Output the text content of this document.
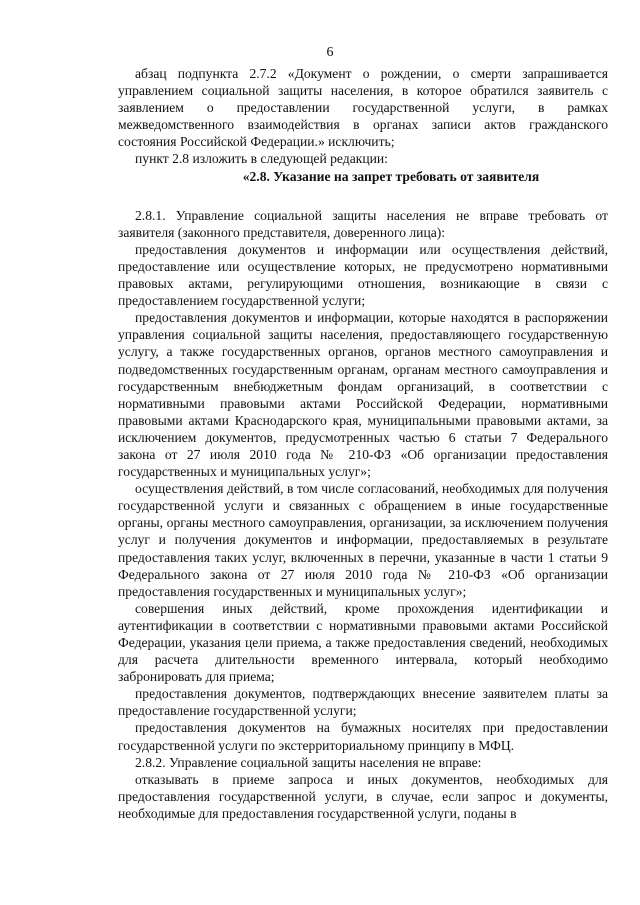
6

абзац подпункта 2.7.2 «Документ о рождении, о смерти запрашивается управлением социальной защиты населения, в которое обратился заявитель с заявлением о предоставлении государственной услуги, в рамках межведомственного взаимодействия в органах записи актов гражданского состояния Российской Федерации.» исключить;

пункт 2.8 изложить в следующей редакции:

«2.8. Указание на запрет требовать от заявителя

2.8.1. Управление социальной защиты населения не вправе требовать от заявителя (законного представителя, доверенного лица):

предоставления документов и информации или осуществления действий, предоставление или осуществление которых, не предусмотрено нормативными правовых актами, регулирующими отношения, возникающие в связи с предоставлением государственной услуги;

предоставления документов и информации, которые находятся в распоряжении управления социальной защиты населения, предоставляющего государственную услугу, а также государственных органов, органов местного самоуправления и подведомственных государственным органам, органам местного самоуправления и государственным внебюджетным фондам организаций, в соответствии с нормативными правовыми актами Российской Федерации, нормативными правовыми актами Краснодарского края, муниципальными правовыми актами, за исключением документов, предусмотренных частью 6 статьи 7 Федерального закона от 27 июля 2010 года № 210-ФЗ «Об организации предоставления государственных и муниципальных услуг»;

осуществления действий, в том числе согласований, необходимых для получения государственной услуги и связанных с обращением в иные государственные органы, органы местного самоуправления, организации, за исключением получения услуг и получения документов и информации, предоставляемых в результате предоставления таких услуг, включенных в перечни, указанные в части 1 статьи 9 Федерального закона от 27 июля 2010 года № 210-ФЗ «Об организации предоставления государственных и муниципальных услуг»;

совершения иных действий, кроме прохождения идентификации и аутентификации в соответствии с нормативными правовыми актами Российской Федерации, указания цели приема, а также предоставления сведений, необходимых для расчета длительности временного интервала, который необходимо забронировать для приема;

предоставления документов, подтверждающих внесение заявителем платы за предоставление государственной услуги;

предоставления документов на бумажных носителях при предоставлении государственной услуги по экстерриториальному принципу в МФЦ.

2.8.2. Управление социальной защиты населения не вправе:

отказывать в приеме запроса и иных документов, необходимых для предоставления государственной услуги, в случае, если запрос и документы, необходимые для предоставления государственной услуги, поданы в
